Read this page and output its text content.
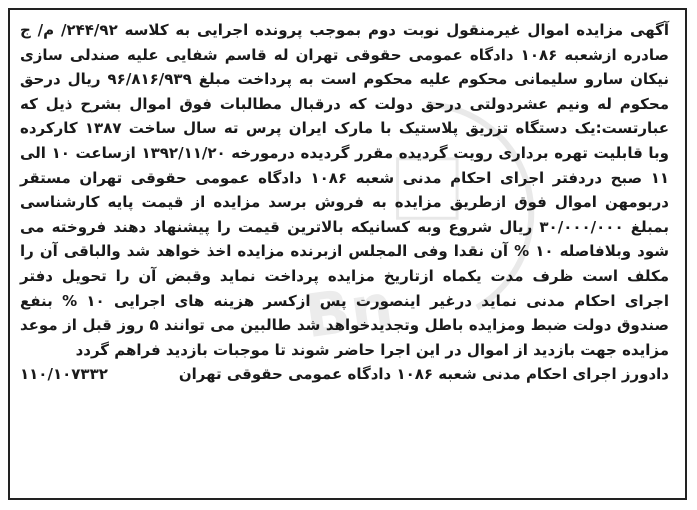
Bn
آگهی مزایده اموال غیرمنقول نوبت دوم بموجب پرونده اجرایی به کلاسه ۲۴۴/۹۲/ م/ ج صادره ازشعبه ۱۰۸۶ دادگاه عمومی حقوقی تهران له قاسم شفایی علیه صندلی سازی نیکان سارو سلیمانی محکوم علیه محکوم است به پرداخت مبلغ ۹۶/۸۱۶/۹۳۹ ریال درحق محکوم له ونیم عشردولتی درحق دولت که درقبال مطالبات فوق اموال بشرح ذیل که عبارتست:یک دستگاه تزریق پلاستیک با مارک ایران پرس ته سال ساخت ۱۳۸۷ کارکرده وبا قابلیت تهره برداری رویت گردیده مقرر گردیده درمورخه ۱۳۹۲/۱۱/۲۰ ازساعت ۱۰ الی ۱۱ صبح دردفتر اجرای احکام مدنی شعبه ۱۰۸۶ دادگاه عمومی حقوقی تهران مستقر دربومهن اموال فوق ازطریق مزایده به فروش برسد مزایده از قیمت پایه کارشناسی بمبلغ ۳۰/۰۰۰/۰۰۰ ریال شروع وبه کسانیکه بالاترین قیمت را پیشنهاد دهند فروخته می شود وبلافاصله ۱۰ % آن نقدا وفی المجلس ازبرنده مزایده اخذ خواهد شد والباقی آن را مکلف است ظرف مدت یکماه ازتاریخ مزایده پرداخت نماید وقبض آن را تحویل دفتر اجرای احکام مدنی نماید درغیر اینصورت پس ازکسر هزینه های اجرایی ۱۰ % بنفع صندوق دولت ضبط ومزایده باطل وتجدیدخواهد شد طالبین می توانند ۵ روز قبل از موعد مزایده جهت بازدید از اموال در این اجرا حاضر شوند تا موجبات بازدید فراهم گردد
دادورز اجرای احکام مدنی شعبه ۱۰۸۶ دادگاه عمومی حقوقی تهران
۱۱۰/۱۰۷۳۳۲
